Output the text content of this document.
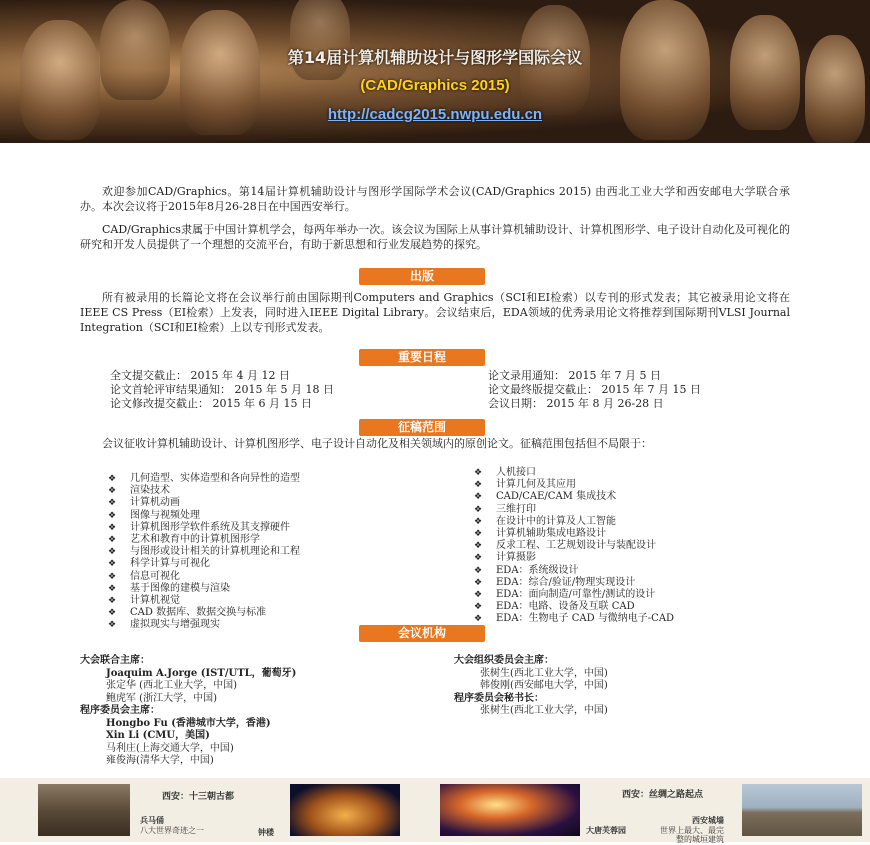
第14届计算机辅助设计与图形学国际会议
(CAD/Graphics 2015)
http://cadcg2015.nwpu.edu.cn
欢迎参加CAD/Graphics。第14届计算机辅助设计与图形学国际学术会议(CAD/Graphics 2015) 由西北工业大学和西安邮电大学联合承办。本次会议将于2015年8月26-28日在中国西安举行。
CAD/Graphics隶属于中国计算机学会，每两年举办一次。该会议为国际上从事计算机辅助设计、计算机图形学、电子设计自动化及可视化的研究和开发人员提供了一个理想的交流平台，有助于新思想和行业发展趋势的探究。
出版
所有被录用的长篇论文将在会议举行前由国际期刊Computers and Graphics（SCI和EI检索）以专刊的形式发表；其它被录用论文将在IEEE CS Press（EI检索）上发表，同时进入IEEE Digital Library。会议结束后，EDA领域的优秀录用论文将推荐到国际期刊VLSI Journal Integration（SCI和EI检索）上以专刊形式发表。
重要日程
全文提交截止： 2015 年 4 月 12 日
论文首轮评审结果通知： 2015 年 5 月 18 日
论文修改提交截止： 2015 年 6 月 15 日
论文录用通知： 2015 年 7 月 5 日
论文最终版提交截止： 2015 年 7 月 15 日
会议日期： 2015 年 8 月 26-28 日
征稿范围
会议征收计算机辅助设计、计算机图形学、电子设计自动化及相关领域内的原创论文。征稿范围包括但不局限于：
❖ 几何造型、实体造型和各向异性的造型
❖ 渲染技术
❖ 计算机动画
❖ 图像与视频处理
❖ 计算机图形学软件系统及其支撑硬件
❖ 艺术和教育中的计算机图形学
❖ 与图形或设计相关的计算机理论和工程
❖ 科学计算与可视化
❖ 信息可视化
❖ 基于图像的建模与渲染
❖ 计算机视觉
❖ CAD 数据库、数据交换与标准
❖ 虚拟现实与增强现实
❖ 人机接口
❖ 计算几何及其应用
❖ CAD/CAE/CAM 集成技术
❖ 三维打印
❖ 在设计中的计算及人工智能
❖ 计算机辅助集成电路设计
❖ 反求工程、工艺规划设计与装配设计
❖ 计算摄影
❖ EDA：系统级设计
❖ EDA：综合/验证/物理实现设计
❖ EDA：面向制造/可靠性/测试的设计
❖ EDA：电路、设备及互联 CAD
❖ EDA：生物电子 CAD 与微纳电子-CAD
会议机构
大会联合主席：
Joaquim A.Jorge (IST/UTL，葡萄牙)
张定华 (西北工业大学，中国)
鲍虎军 (浙江大学，中国)
程序委员会主席：
Hongbo Fu (香港城市大学，香港)
Xin Li (CMU，美国)
马利庄(上海交通大学，中国)
雍俊海(清华大学，中国)
大会组织委员会主席：
张树生(西北工业大学，中国)
韩俊刚(西安邮电大学，中国)
程序委员会秘书长：
张树生(西北工业大学，中国)
西安：十三朝古都	西安：丝绸之路起点
兵马俑
八大世界奇迹之一	钟楼	大唐芙蓉园
西安城墙
世界上最大、最完
整的城垣建筑
